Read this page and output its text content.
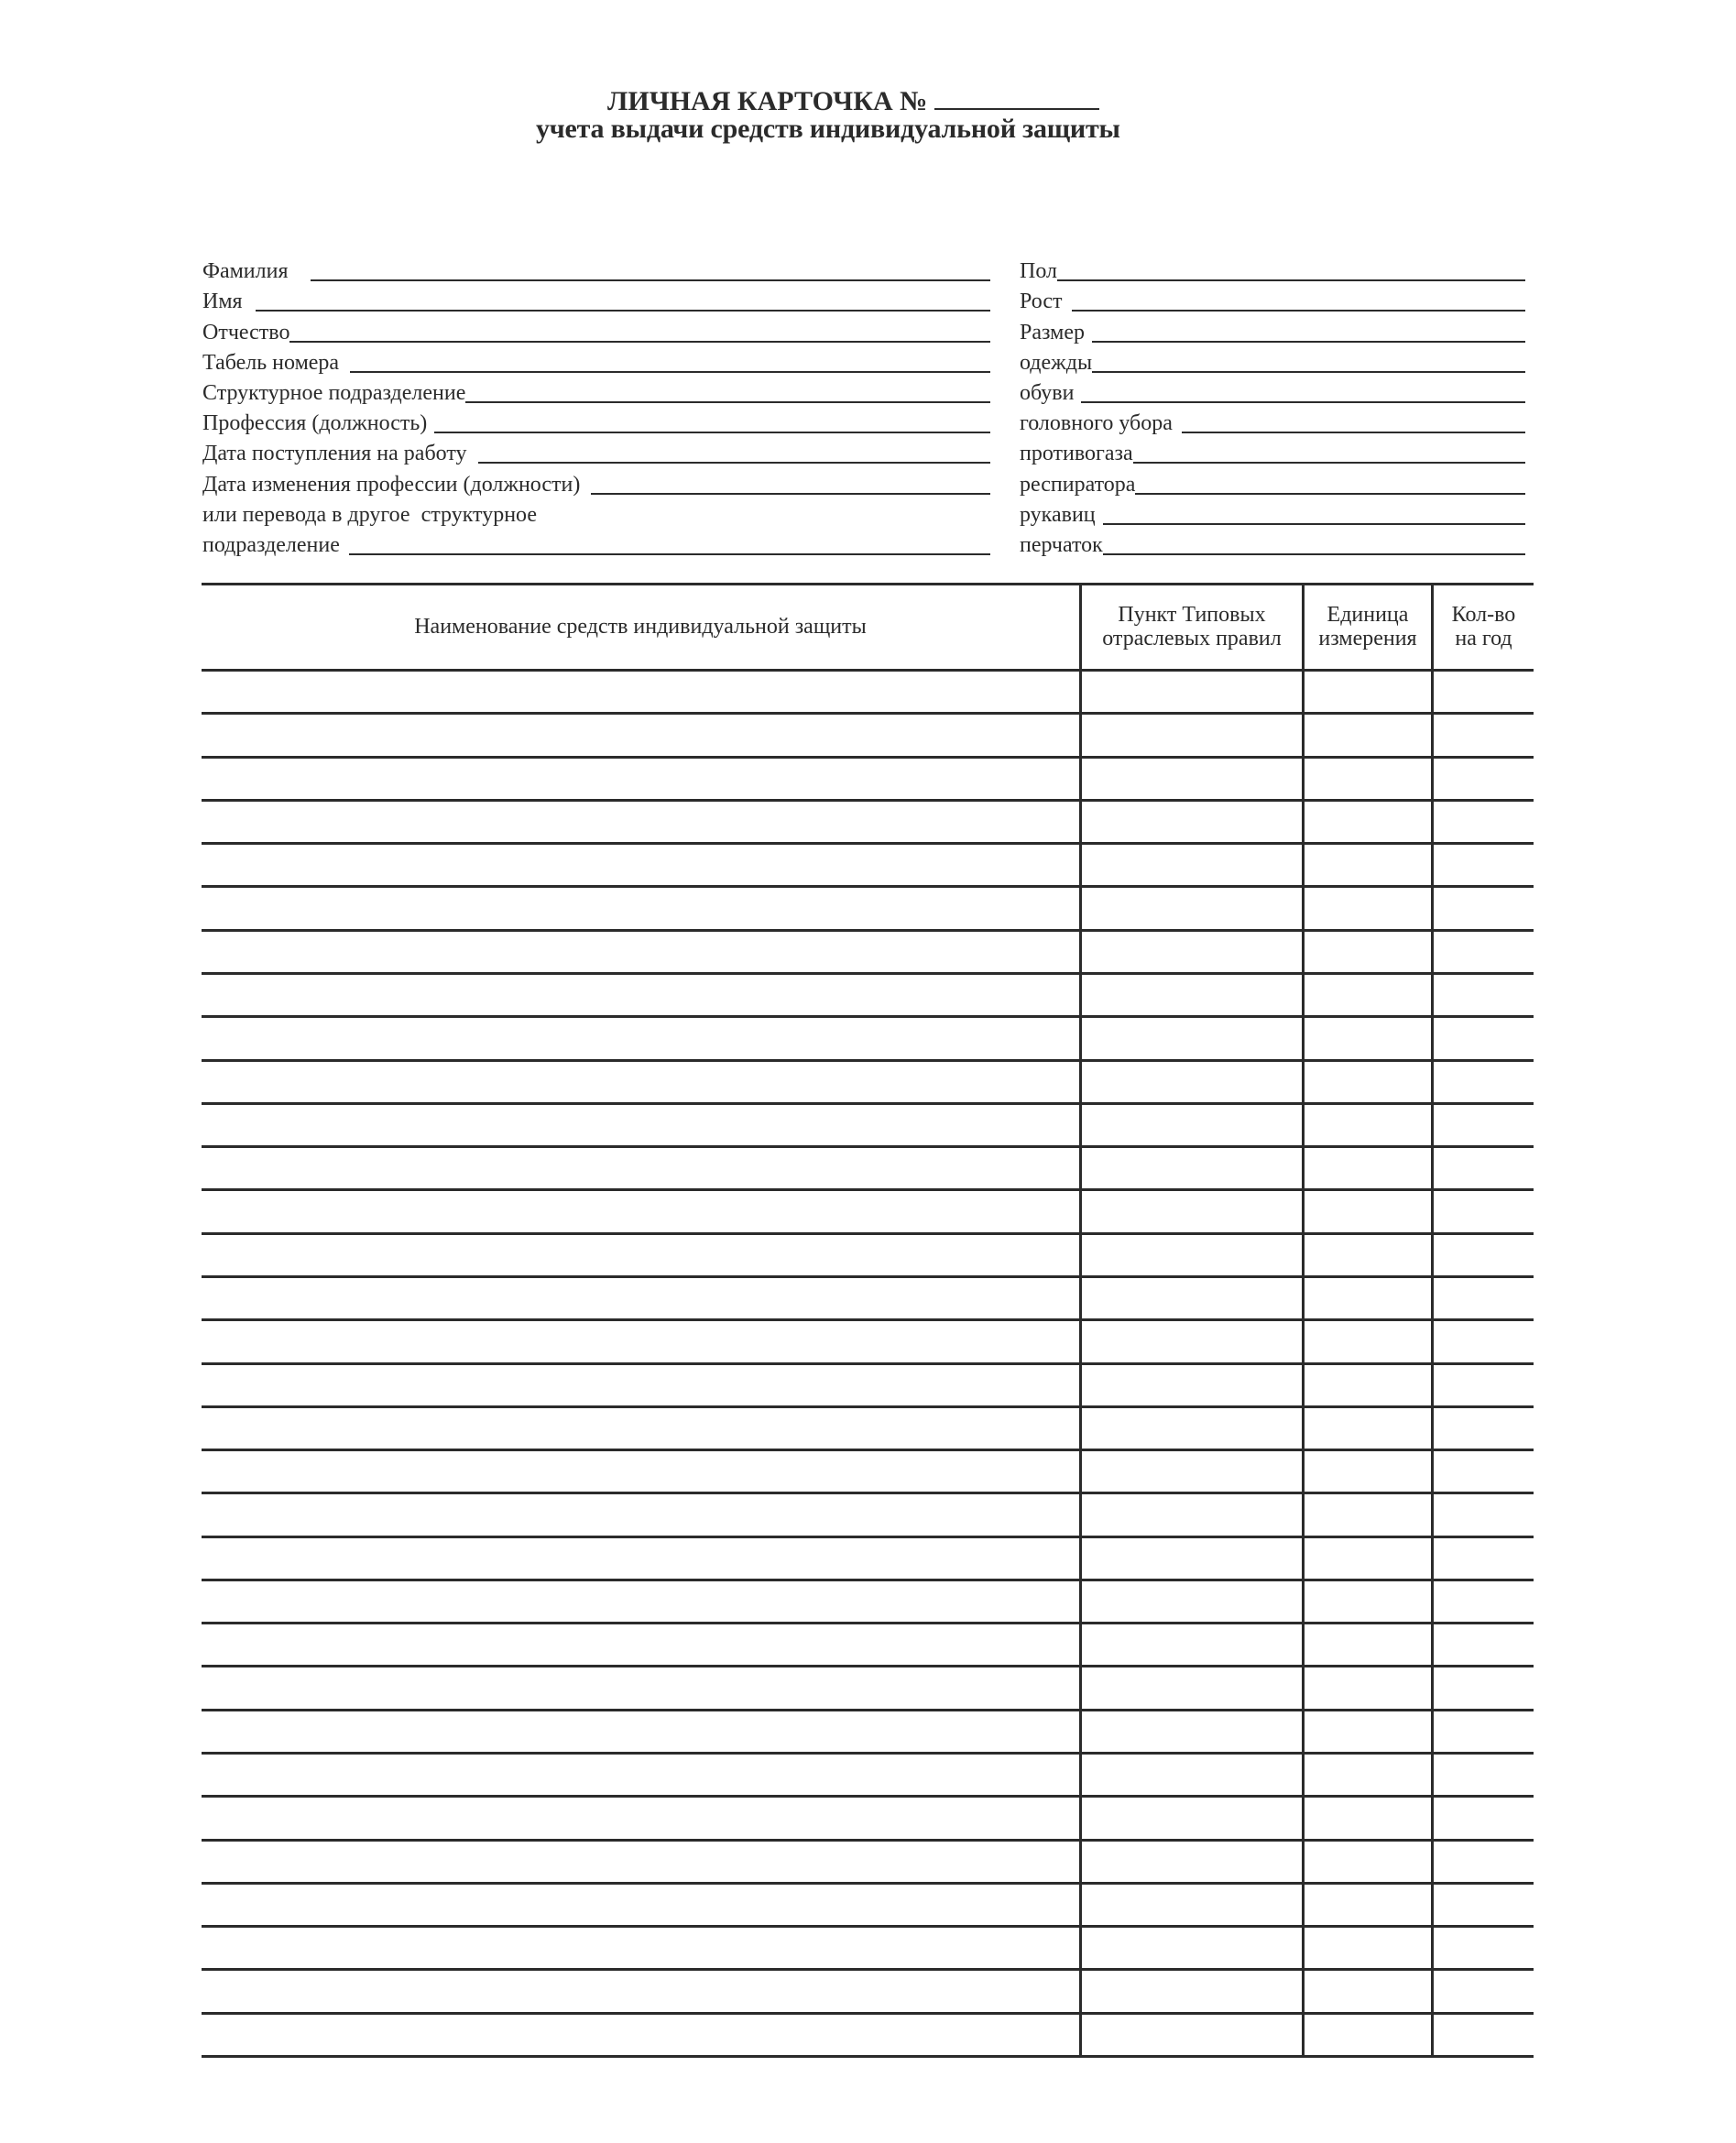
ЛИЧНАЯ КАРТОЧКА №
учета выдачи средств индивидуальной защиты
Фамилия
Имя
Отчество
Табель номера
Структурное подразделение
Профессия (должность)
Дата поступления на работу
Дата изменения профессии (должности)
или перевода в другое  структурное
подразделение
Пол
Рост
Размер
одежды
обуви
головного убора
противогаза
респиратора
рукавиц
перчаток
Наименование средств индивидуальной защиты	Пункт Типовых
отраслевых правил
Единица
измерения
Кол-во
на год
